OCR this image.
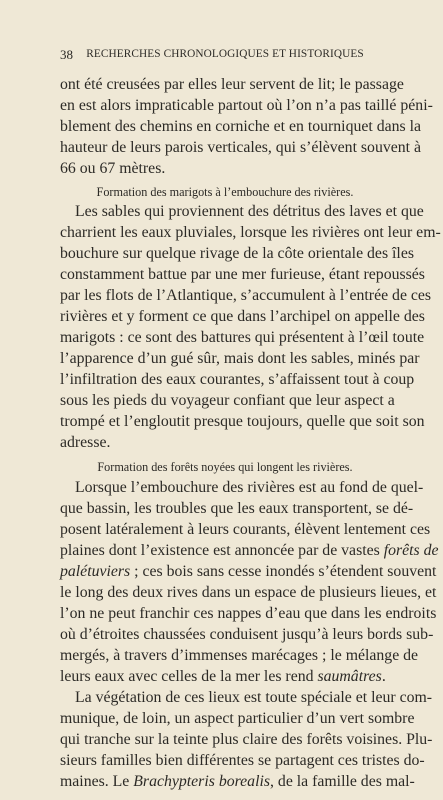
38	RECHERCHES CHRONOLOGIQUES ET HISTORIQUES
ont été creusées par elles leur servent de lit; le passage
en est alors impraticable partout où l’on n’a pas taillé péni-
blement des chemins en corniche et en tourniquet dans la
hauteur de leurs parois verticales, qui s’élèvent souvent à
66 ou 67 mètres.
Formation des marigots à l’embouchure des rivières.
Les sables qui proviennent des détritus des laves et que
charrient les eaux pluviales, lorsque les rivières ont leur em-
bouchure sur quelque rivage de la côte orientale des îles
constamment battue par une mer furieuse, étant repoussés
par les flots de l’Atlantique, s’accumulent à l’entrée de ces
rivières et y forment ce que dans l’archipel on appelle des
marigots : ce sont des battures qui présentent à l’œil toute
l’apparence d’un gué sûr, mais dont les sables, minés par
l’infiltration des eaux courantes, s’affaissent tout à coup
sous les pieds du voyageur confiant que leur aspect a
trompé et l’engloutit presque toujours, quelle que soit son
adresse.
Formation des forêts noyées qui longent les rivières.
Lorsque l’embouchure des rivières est au fond de quel-
que bassin, les troubles que les eaux transportent, se dé-
posent latéralement à leurs courants, élèvent lentement ces
plaines dont l’existence est annoncée par de vastes forêts de
palétuviers ; ces bois sans cesse inondés s’étendent souvent
le long des deux rives dans un espace de plusieurs lieues, et
l’on ne peut franchir ces nappes d’eau que dans les endroits
où d’étroites chaussées conduisent jusqu’à leurs bords sub-
mergés, à travers d’immenses marécages ; le mélange de
leurs eaux avec celles de la mer les rend saumâtres.
La végétation de ces lieux est toute spéciale et leur com-
munique, de loin, un aspect particulier d’un vert sombre
qui tranche sur la teinte plus claire des forêts voisines. Plu-
sieurs familles bien différentes se partagent ces tristes do-
maines. Le Brachypteris borealis, de la famille des mal-
